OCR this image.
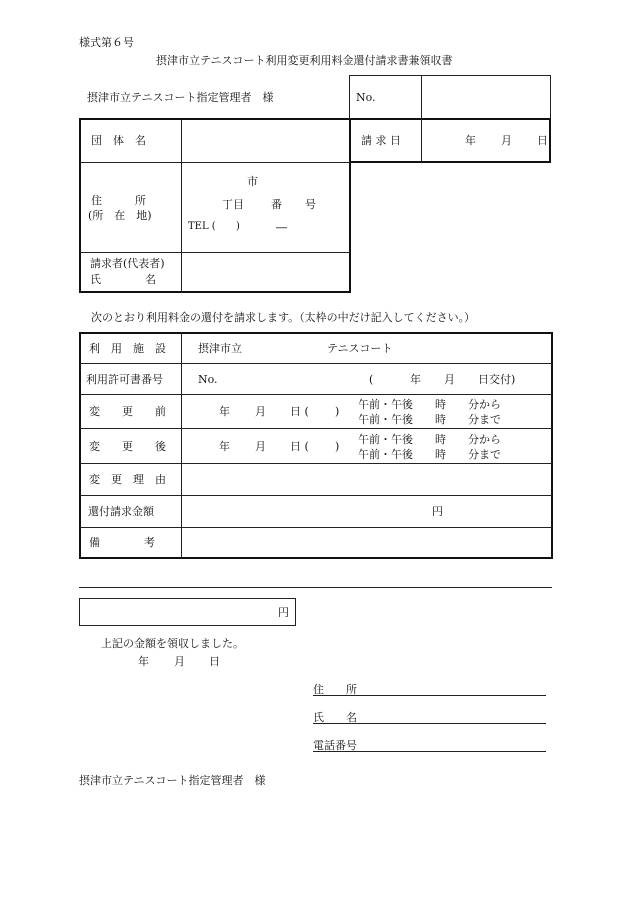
様式第６号
摂津市立テニスコート利用変更利用料金還付請求書兼領収書
摂津市立テニスコート指定管理者　様	No.
請 求 日	年 月 日
団　体　名
住　　　所
(所　在　地)
市
丁目 番 号
TEL ( )	―
請求者(代表者)
氏　　　　名
次のとおり利用料金の還付を請求します。（太枠の中だけ記入してください。）
利　用　施　設	摂津市立	テニスコート
利用許可書番号	No.	(	年 月 日交付)
変　　更　　前	年 月 日 ( )
午前・午後　　時　　分から
午前・午後　　時　　分まで
変　　更　　後	年 月 日 ( )
午前・午後　　時　　分から
午前・午後　　時　　分まで
変　更　理　由
還付請求金額	円
備　　　　考
円
上記の金額を領収しました。
年 月 日
住　　所
氏　　名
電話番号
摂津市立テニスコート指定管理者　様
